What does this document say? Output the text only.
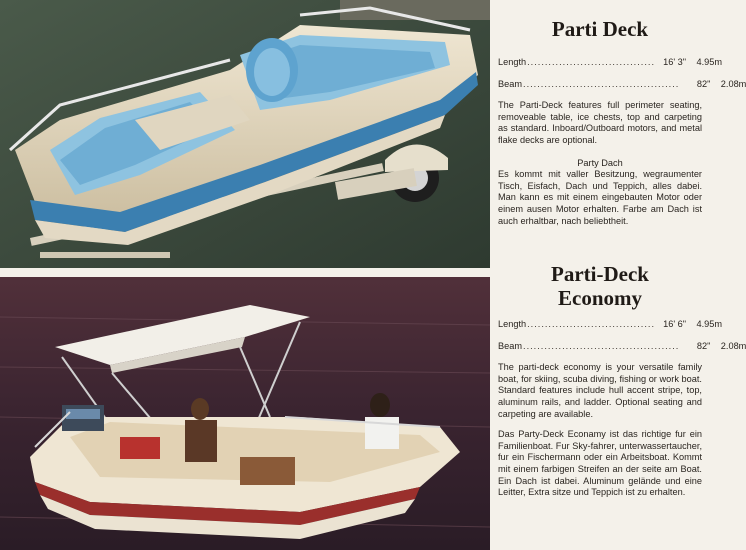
Parti Deck
Length .................................... 16' 3"	4.95m
Beam ............................................	82"	2.08m

The Parti-Deck features full perimeter seating, removeable table, ice chests, top and carpeting as standard. Inboard/Outboard motors, and metal flake decks are optional.

Party Dach

Es kommt mit valler Besitzung, wegraumenter Tisch, Eisfach, Dach und Teppich, alles dabei. Man kann es mit einem eingebauten Motor oder einem ausen Motor erhalten. Farbe am Dach ist auch erhaltbar, nach beliebtheit.

Parti-Deck
Economy
Length .................................... 16' 6"	4.95m
Beam ............................................	82"	2.08m

The parti-deck economy is your versatile family boat, for skiing, scuba diving, fishing or work boat. Standard features include hull accent stripe, top, aluminum rails, and ladder. Optional seating and carpeting are available.

Das Party-Deck Econamy ist das richtige fur ein Familienboat. Fur Sky-fahrer, unterwassertaucher, fur ein Fischermann oder ein Arbeitsboat. Kommt mit einem farbigen Streifen an der seite am Boat. Ein Dach ist dabei. Aluminum gelände und eine Leitter, Extra sitze und Teppich ist zu erhalten.
